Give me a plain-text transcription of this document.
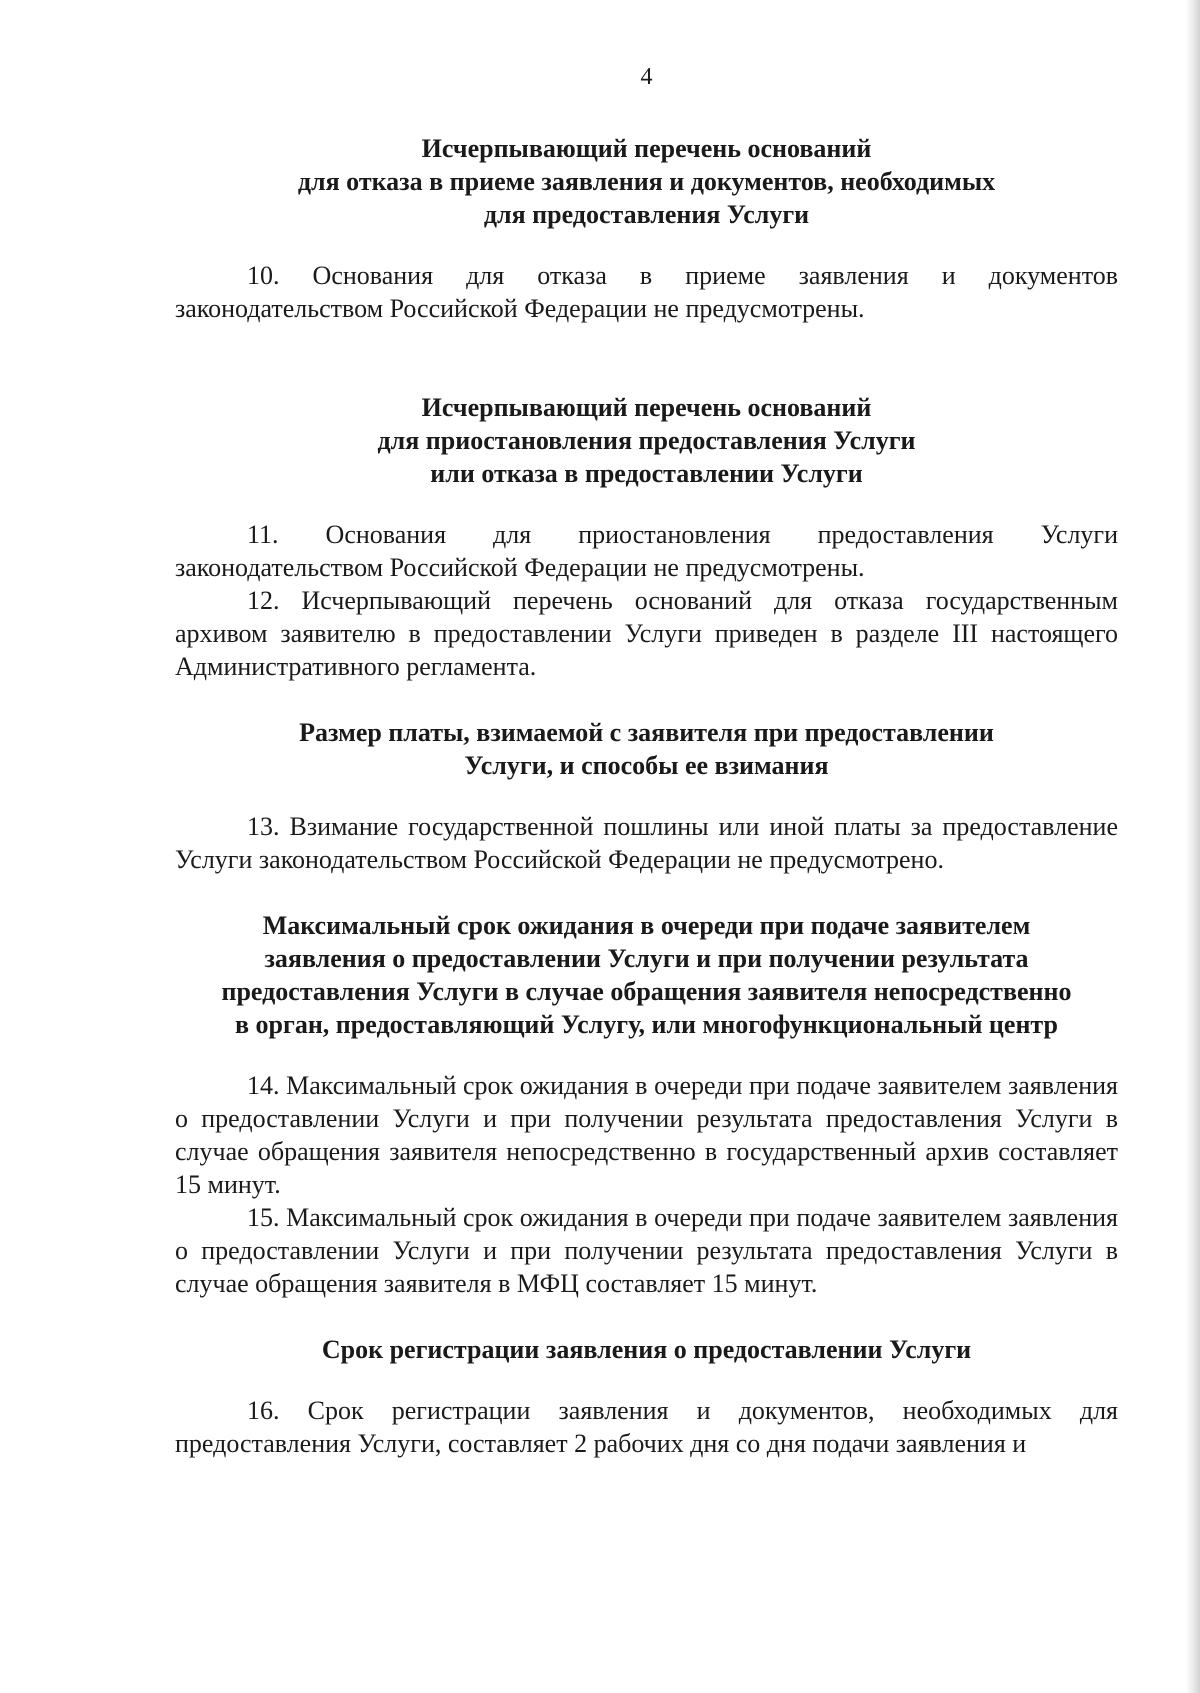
4
Исчерпывающий перечень оснований
для отказа в приеме заявления и документов, необходимых
для предоставления Услуги

10. Основания для отказа в приеме заявления и документов законодательством Российской Федерации не предусмотрены.

Исчерпывающий перечень оснований
для приостановления предоставления Услуги
или отказа в предоставлении Услуги

11. Основания для приостановления предоставления Услуги законодательством Российской Федерации не предусмотрены.

12. Исчерпывающий перечень оснований для отказа государственным архивом заявителю в предоставлении Услуги приведен в разделе III настоящего Административного регламента.

Размер платы, взимаемой с заявителя при предоставлении
Услуги, и способы ее взимания

13. Взимание государственной пошлины или иной платы за предоставление Услуги законодательством Российской Федерации не предусмотрено.

Максимальный срок ожидания в очереди при подаче заявителем
заявления о предоставлении Услуги и при получении результата
предоставления Услуги в случае обращения заявителя непосредственно
в орган, предоставляющий Услугу, или многофункциональный центр

14. Максимальный срок ожидания в очереди при подаче заявителем заявления о предоставлении Услуги и при получении результата предоставления Услуги в случае обращения заявителя непосредственно в государственный архив составляет 15 минут.

15. Максимальный срок ожидания в очереди при подаче заявителем заявления о предоставлении Услуги и при получении результата предоставления Услуги в случае обращения заявителя в МФЦ составляет 15 минут.

Срок регистрации заявления о предоставлении Услуги

16. Срок регистрации заявления и документов, необходимых для предоставления Услуги, составляет 2 рабочих дня со дня подачи заявления и
